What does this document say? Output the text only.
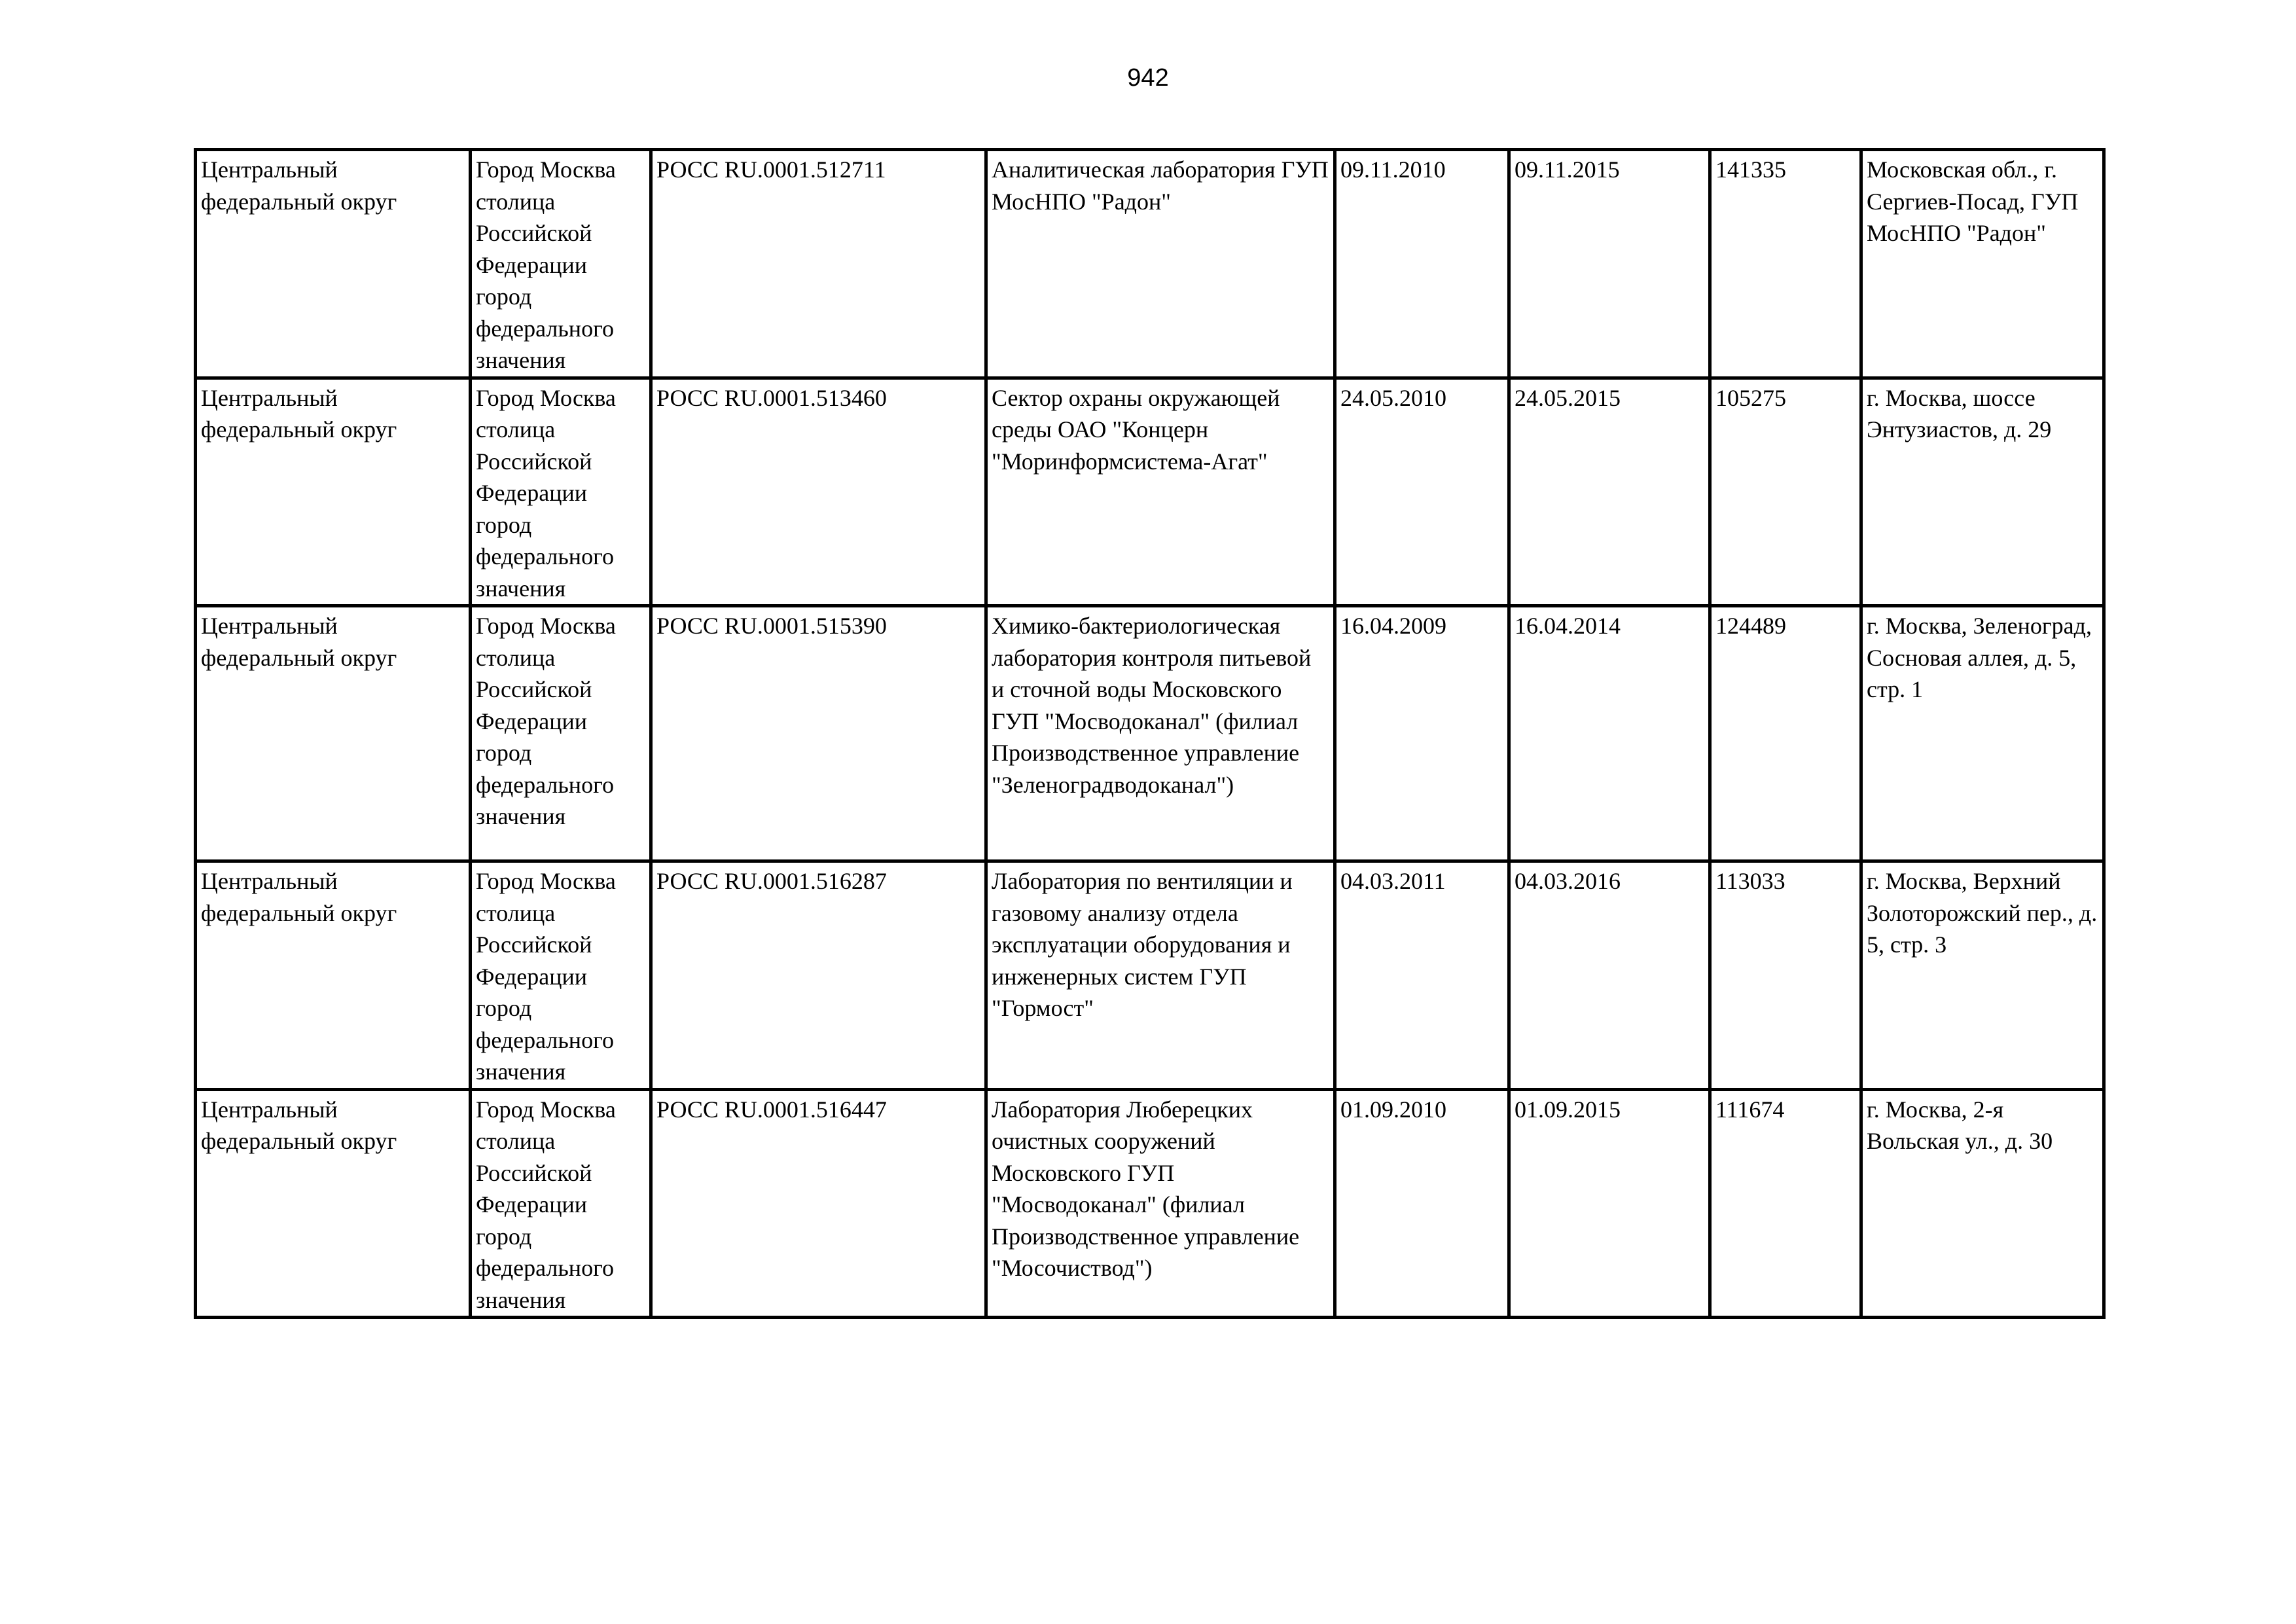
942
Центральный федеральный округ	Город Москва столица Российской Федерации город федерального значения	РОСС RU.0001.512711	Аналитическая лаборатория ГУП МосНПО "Радон"	09.11.2010	09.11.2015	141335	Московская обл., г. Сергиев-Посад, ГУП МосНПО "Радон"
Центральный федеральный округ	Город Москва столица Российской Федерации город федерального значения	РОСС RU.0001.513460	Сектор охраны окружающей среды ОАО "Концерн "Моринформсистема-Агат"	24.05.2010	24.05.2015	105275	г. Москва, шоссе Энтузиастов, д. 29
Центральный федеральный округ	Город Москва столица Российской Федерации город федерального значения	РОСС RU.0001.515390	Химико-бактериологическая лаборатория контроля питьевой и сточной воды Московского ГУП "Мосводоканал" (филиал Производственное управление "Зеленоградводоканал")	16.04.2009	16.04.2014	124489	г. Москва, Зеленоград, Сосновая аллея, д. 5, стр. 1
Центральный федеральный округ	Город Москва столица Российской Федерации город федерального значения	РОСС RU.0001.516287	Лаборатория по вентиляции и газовому анализу отдела эксплуатации оборудования и инженерных систем ГУП "Гормост"	04.03.2011	04.03.2016	113033	г. Москва, Верхний Золоторожский пер., д. 5, стр. 3
Центральный федеральный округ	Город Москва столица Российской Федерации город федерального значения	РОСС RU.0001.516447	Лаборатория Люберецких очистных сооружений Московского ГУП "Мосводоканал" (филиал Производственное управление "Мосочиствод")	01.09.2010	01.09.2015	111674	г. Москва, 2-я Вольская ул., д. 30
